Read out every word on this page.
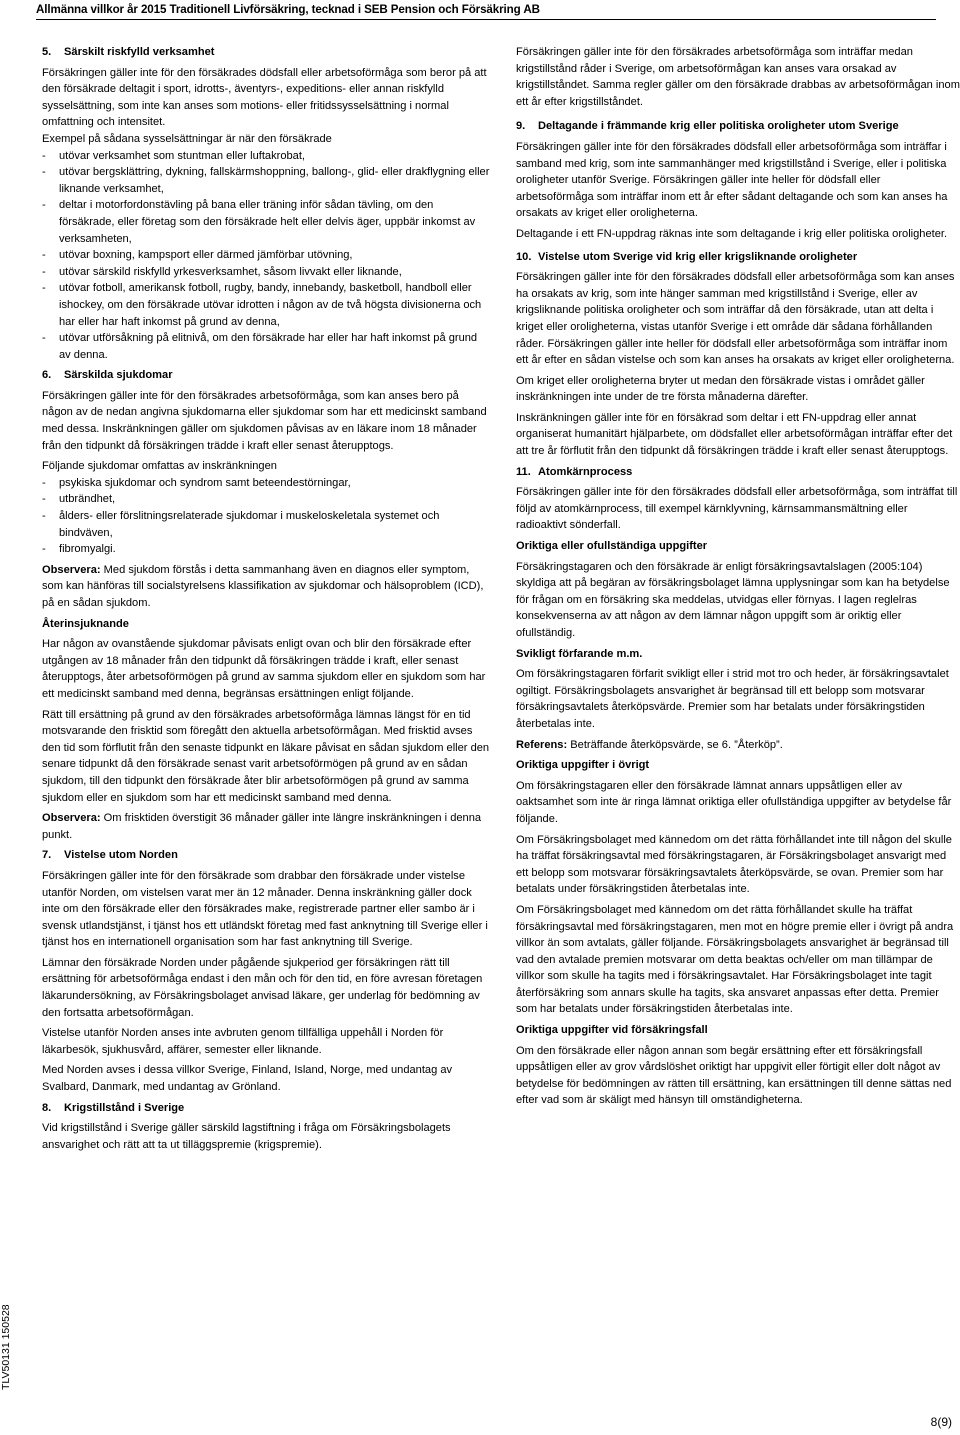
Allmänna villkor år 2015 Traditionell Livförsäkring, tecknad i SEB Pension och Försäkring AB

5. Särskilt riskfylld verksamhet

Försäkringen gäller inte för den försäkrades dödsfall eller arbetsoförmåga som beror på att den försäkrade deltagit i sport, idrotts-, äventyrs-, expeditions- eller annan riskfylld sysselsättning, som inte kan anses som motions- eller fritidssysselsättning i normal omfattning och intensitet.

Exempel på sådana sysselsättningar är när den försäkrade

- utövar verksamhet som stuntman eller luftakrobat,
- utövar bergsklättring, dykning, fallskärmshoppning, ballong-, glid- eller drakflygning eller liknande verksamhet,
- deltar i motorfordonstävling på bana eller träning inför sådan tävling, om den försäkrade, eller företag som den försäkrade helt eller delvis äger, uppbär inkomst av verksamheten,
- utövar boxning, kampsport eller därmed jämförbar utövning,
- utövar särskild riskfylld yrkesverksamhet, såsom livvakt eller liknande,
- utövar fotboll, amerikansk fotboll, rugby, bandy, innebandy, basketboll, handboll eller ishockey, om den försäkrade utövar idrotten i någon av de två högsta divisionerna och har eller har haft inkomst på grund av denna,
- utövar utförsåkning på elitnivå, om den försäkrade har eller har haft inkomst på grund av denna.

6. Särskilda sjukdomar

Försäkringen gäller inte för den försäkrades arbetsoförmåga, som kan anses bero på någon av de nedan angivna sjukdomarna eller sjukdomar som har ett medicinskt samband med dessa. Inskränkningen gäller om sjukdomen påvisas av en läkare inom 18 månader från den tidpunkt då försäkringen trädde i kraft eller senast återupptogs.

Följande sjukdomar omfattas av inskränkningen

- psykiska sjukdomar och syndrom samt beteendestörningar,
- utbrändhet,
- ålders- eller förslitningsrelaterade sjukdomar i muskeloskeletala systemet och bindväven,
- fibromyalgi.

Observera: Med sjukdom förstås i detta sammanhang även en diagnos eller symptom, som kan hänföras till socialstyrelsens klassifikation av sjukdomar och hälsoproblem (ICD), på en sådan sjukdom.

Återinsjuknande

Har någon av ovanstående sjukdomar påvisats enligt ovan och blir den försäkrade efter utgången av 18 månader från den tidpunkt då försäkringen trädde i kraft, eller senast återupptogs, åter arbetsoförmögen på grund av samma sjukdom eller en sjukdom som har ett medicinskt samband med denna, begränsas ersättningen enligt följande.

Rätt till ersättning på grund av den försäkrades arbetsoförmåga lämnas längst för en tid motsvarande den frisktid som föregått den aktuella arbetsoförmågan. Med frisktid avses den tid som förflutit från den senaste tidpunkt en läkare påvisat en sådan sjukdom eller den senare tidpunkt då den försäkrade senast varit arbetsoförmögen på grund av en sådan sjukdom, till den tidpunkt den försäkrade åter blir arbetsoförmögen på grund av samma sjukdom eller en sjukdom som har ett medicinskt samband med denna.

Observera: Om frisktiden överstigit 36 månader gäller inte längre inskränkningen i denna punkt.

7. Vistelse utom Norden

Försäkringen gäller inte för den försäkrade som drabbar den försäkrade under vistelse utanför Norden, om vistelsen varat mer än 12 månader. Denna inskränkning gäller dock inte om den försäkrade eller den försäkrades make, registrerade partner eller sambo är i svensk utlandstjänst, i tjänst hos ett utländskt företag med fast anknytning till Sverige eller i tjänst hos en internationell organisation som har fast anknytning till Sverige.

Lämnar den försäkrade Norden under pågående sjukperiod ger försäkringen rätt till ersättning för arbetsoförmåga endast i den mån och för den tid, en före avresan företagen läkarundersökning, av Försäkringsbolaget anvisad läkare, ger underlag för bedömning av den fortsatta arbetsoförmågan.

Vistelse utanför Norden anses inte avbruten genom tillfälliga uppehåll i Norden för läkarbesök, sjukhusvård, affärer, semester eller liknande.

Med Norden avses i dessa villkor Sverige, Finland, Island, Norge, med undantag av Svalbard, Danmark, med undantag av Grönland.

8. Krigstillstånd i Sverige

Vid krigstillstånd i Sverige gäller särskild lagstiftning i fråga om Försäkringsbolagets ansvarighet och rätt att ta ut tilläggspremie (krigspremie).

Försäkringen gäller inte för den försäkrades arbetsoförmåga som inträffar medan krigstillstånd råder i Sverige, om arbetsoförmågan kan anses vara orsakad av krigstillståndet. Samma regler gäller om den försäkrade drabbas av arbetsoförmågan inom ett år efter krigstillståndet.

9.	Deltagande i främmande krig eller politiska oroligheter utom Sverige

Försäkringen gäller inte för den försäkrades dödsfall eller arbetsoförmåga som inträffar i samband med krig, som inte sammanhänger med krigstillstånd i Sverige, eller i politiska oroligheter utanför Sverige. Försäkringen gäller inte heller för dödsfall eller arbetsoförmåga som inträffar inom ett år efter sådant deltagande och som kan anses ha orsakats av kriget eller oroligheterna.

Deltagande i ett FN-uppdrag räknas inte som deltagande i krig eller politiska oroligheter.

10. Vistelse utom Sverige vid krig eller krigsliknande oroligheter

Försäkringen gäller inte för den försäkrades dödsfall eller arbetsoförmåga som kan anses ha orsakats av krig, som inte hänger samman med krigstillstånd i Sverige, eller av krigsliknande politiska oroligheter och som inträffar då den försäkrade, utan att delta i kriget eller oroligheterna, vistas utanför Sverige i ett område där sådana förhållanden råder. Försäkringen gäller inte heller för dödsfall eller arbetsoförmåga som inträffar inom ett år efter en sådan vistelse och som kan anses ha orsakats av kriget eller oroligheterna.

Om kriget eller oroligheterna bryter ut medan den försäkrade vistas i området gäller inskränkningen inte under de tre första månaderna därefter.

Inskränkningen gäller inte för en försäkrad som deltar i ett FN-uppdrag eller annat organiserat humanitärt hjälparbete, om dödsfallet eller arbetsoförmågan inträffar efter det att tre år förflutit från den tidpunkt då försäkringen trädde i kraft eller senast återupptogs.

11. Atomkärnprocess

Försäkringen gäller inte för den försäkrades dödsfall eller arbetsoförmåga, som inträffat till följd av atomkärnprocess, till exempel kärnklyvning, kärnsammansmältning eller radioaktivt sönderfall.

Oriktiga eller ofullständiga uppgifter

Försäkringstagaren och den försäkrade är enligt försäkringsavtalslagen (2005:104) skyldiga att på begäran av försäkringsbolaget lämna upplysningar som kan ha betydelse för frågan om en försäkring ska meddelas, utvidgas eller förnyas. I lagen reglelras konsekvenserna av att någon av dem lämnar någon uppgift som är oriktig eller ofullständig.

Svikligt förfarande m.m.

Om försäkringstagaren förfarit svikligt eller i strid mot tro och heder, är försäkringsavtalet ogiltigt. Försäkringsbolagets ansvarighet är begränsad till ett belopp som motsvarar försäkringsavtalets återköpsvärde. Premier som har betalats under försäkringstiden återbetalas inte.

Referens: Beträffande återköpsvärde, se 6. ”Återköp”.

Oriktiga uppgifter i övrigt

Om försäkringstagaren eller den försäkrade lämnat annars uppsåtligen eller av oaktsamhet som inte är ringa lämnat oriktiga eller ofullständiga uppgifter av betydelse får följande.

Om Försäkringsbolaget med kännedom om det rätta förhållandet inte till någon del skulle ha träffat försäkringsavtal med försäkringstagaren, är Försäkringsbolaget ansvarigt med ett belopp som motsvarar försäkringsavtalets återköpsvärde, se ovan. Premier som har betalats under försäkringstiden återbetalas inte.

Om Försäkringsbolaget med kännedom om det rätta förhållandet skulle ha träffat försäkringsavtal med försäkringstagaren, men mot en högre premie eller i övrigt på andra villkor än som avtalats, gäller följande. Försäkringsbolagets ansvarighet är begränsad till vad den avtalade premien motsvarar om detta beaktas och/eller om man tillämpar de villkor som skulle ha tagits med i försäkringsavtalet. Har Försäkringsbolaget inte tagit återförsäkring som annars skulle ha tagits, ska ansvaret anpassas efter detta. Premier som har betalats under försäkringstiden återbetalas inte.

Oriktiga uppgifter vid försäkringsfall

Om den försäkrade eller någon annan som begär ersättning efter ett försäkringsfall uppsåtligen eller av grov vårdslöshet oriktigt har uppgivit eller förtigit eller dolt något av betydelse för bedömningen av rätten till ersättning, kan ersättningen till denne sättas ned efter vad som är skäligt med hänsyn till omständigheterna.

TLV50131 150528
8(9)
